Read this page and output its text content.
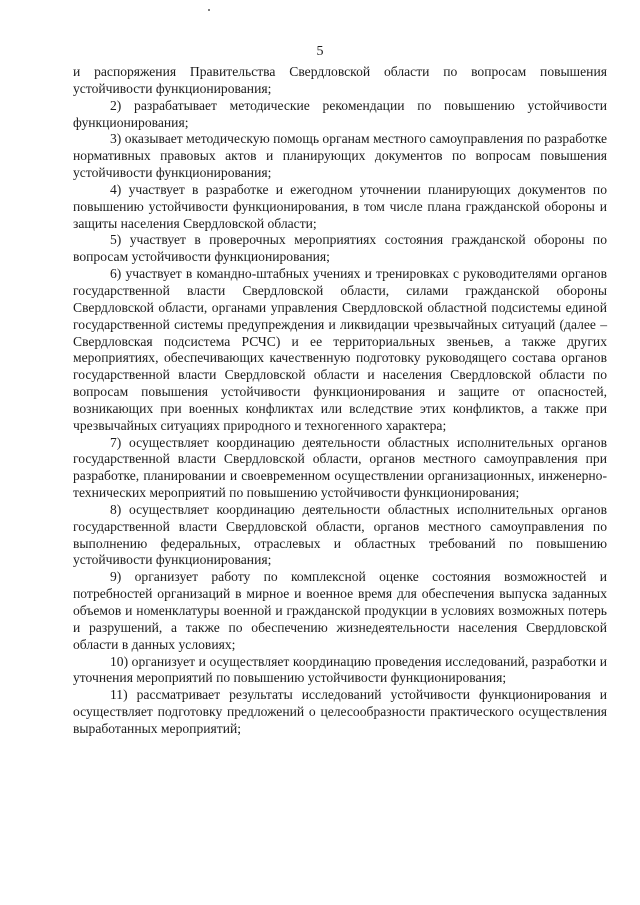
5

и распоряжения Правительства Свердловской области по вопросам повышения устойчивости функционирования;

2) разрабатывает методические рекомендации по повышению устойчивости функционирования;

3) оказывает методическую помощь органам местного самоуправления по разработке нормативных правовых актов и планирующих документов по вопросам повышения устойчивости функционирования;

4) участвует в разработке и ежегодном уточнении планирующих документов по повышению устойчивости функционирования, в том числе плана гражданской обороны и защиты населения Свердловской области;

5) участвует в проверочных мероприятиях состояния гражданской обороны по вопросам устойчивости функционирования;

6) участвует в командно-штабных учениях и тренировках с руководителями органов государственной власти Свердловской области, силами гражданской обороны Свердловской области, органами управления Свердловской областной подсистемы единой государственной системы предупреждения и ликвидации чрезвычайных ситуаций (далее – Свердловская подсистема РСЧС) и ее территориальных звеньев, а также других мероприятиях, обеспечивающих качественную подготовку руководящего состава органов государственной власти Свердловской области и населения Свердловской области по вопросам повышения устойчивости функционирования и защите от опасностей, возникающих при военных конфликтах или вследствие этих конфликтов, а также при чрезвычайных ситуациях природного и техногенного характера;

7) осуществляет координацию деятельности областных исполнительных органов государственной власти Свердловской области, органов местного самоуправления при разработке, планировании и своевременном осуществлении организационных, инженерно-технических мероприятий по повышению устойчивости функционирования;

8) осуществляет координацию деятельности областных исполнительных органов государственной власти Свердловской области, органов местного самоуправления по выполнению федеральных, отраслевых и областных требований по повышению устойчивости функционирования;

9) организует работу по комплексной оценке состояния возможностей и потребностей организаций в мирное и военное время для обеспечения выпуска заданных объемов и номенклатуры военной и гражданской продукции в условиях возможных потерь и разрушений, а также по обеспечению жизнедеятельности населения Свердловской области в данных условиях;

10) организует и осуществляет координацию проведения исследований, разработки и уточнения мероприятий по повышению устойчивости функционирования;

11) рассматривает результаты исследований устойчивости функционирования и осуществляет подготовку предложений о целесообразности практического осуществления выработанных мероприятий;
